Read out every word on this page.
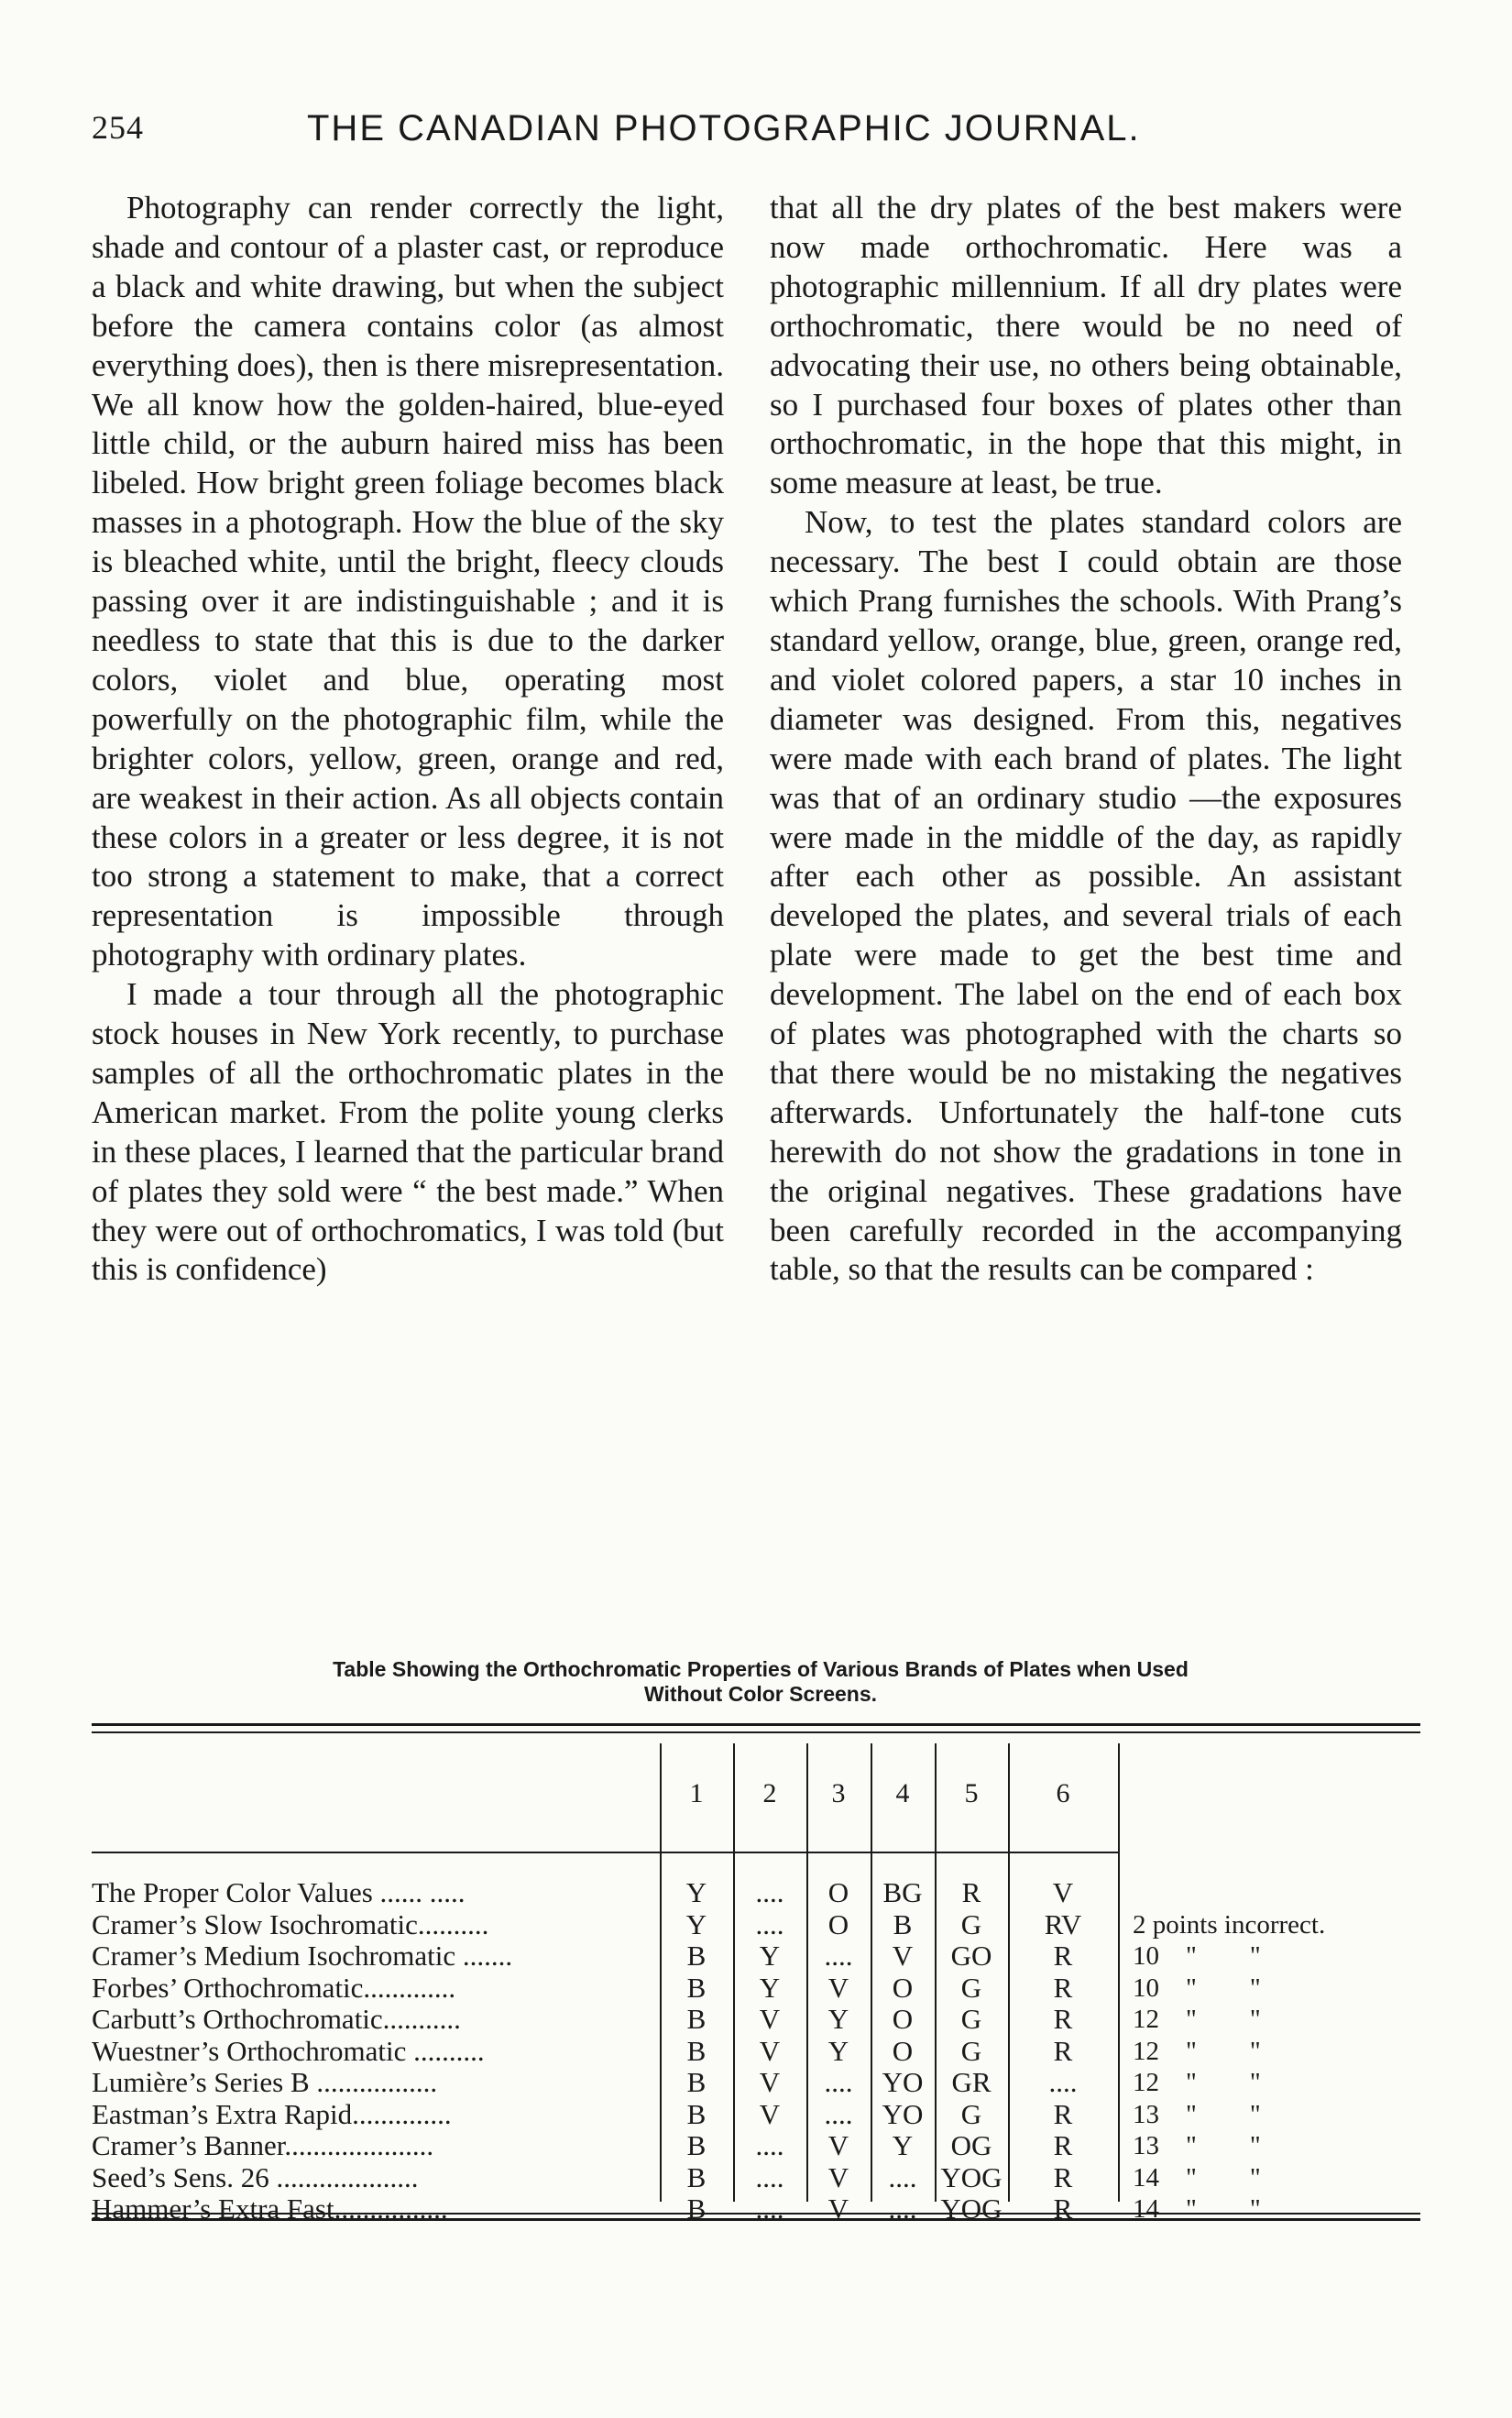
254	THE CANADIAN PHOTOGRAPHIC JOURNAL.

Photography can render correctly the light, shade and contour of a plaster cast, or reproduce a black and white drawing, but when the subject before the camera contains color (as almost everything does), then is there misrepresentation. We all know how the golden-haired, blue-eyed little child, or the auburn haired miss has been libeled. How bright green foliage becomes black masses in a photograph. How the blue of the sky is bleached white, until the bright, fleecy clouds passing over it are indistinguishable ; and it is needless to state that this is due to the darker colors, violet and blue, operating most powerfully on the photographic film, while the brighter colors, yellow, green, orange and red, are weakest in their action. As all objects contain these colors in a greater or less degree, it is not too strong a statement to make, that a correct representation is impossible through photography with ordinary plates.

I made a tour through all the photographic stock houses in New York recently, to purchase samples of all the orthochromatic plates in the American market. From the polite young clerks in these places, I learned that the particular brand of plates they sold were “ the best made.” When they were out of orthochromatics, I was told (but this is confidence)

that all the dry plates of the best makers were now made orthochromatic. Here was a photographic millennium. If all dry plates were orthochromatic, there would be no need of advocating their use, no others being obtainable, so I purchased four boxes of plates other than orthochromatic, in the hope that this might, in some measure at least, be true.

Now, to test the plates standard colors are necessary. The best I could obtain are those which Prang furnishes the schools. With Prang’s standard yellow, orange, blue, green, orange red, and violet colored papers, a star 10 inches in diameter was designed. From this, negatives were made with each brand of plates. The light was that of an ordinary studio —the exposures were made in the middle of the day, as rapidly after each other as possible. An assistant developed the plates, and several trials of each plate were made to get the best time and development. The label on the end of each box of plates was photographed with the charts so that there would be no mistaking the negatives afterwards. Unfortunately the half-tone cuts herewith do not show the gradations in tone in the original negatives. These gradations have been carefully recorded in the accompanying table, so that the results can be compared :

Table Showing the Orthochromatic Properties of Various Brands of Plates when Used
Without Color Screens.
1	2	3	4	5	6
The Proper Color Values ...... .....	Y	....	O	BG	R	V
Cramer’s Slow Isochromatic..........	Y	....	O	B	G	RV	2 points incorrect.
Cramer’s Medium Isochromatic .......	B	Y	....	V	GO	R	10    "        "
Forbes’ Orthochromatic.............	B	Y	V	O	G	R	10    "        "
Carbutt’s Orthochromatic...........	B	V	Y	O	G	R	12    "        "
Wuestner’s Orthochromatic ..........	B	V	Y	O	G	R	12    "        "
Lumière’s Series B .................	B	V	....	YO	GR	....	12    "        "
Eastman’s Extra Rapid..............	B	V	....	YO	G	R	13    "        "
Cramer’s Banner.....................	B	....	V	Y	OG	R	13    "        "
Seed’s Sens. 26 ....................	B	....	V	.... YOG	R	14    "        "
Hammer’s Extra Fast................	B	....	V	.... YOG	R	14    "        "
